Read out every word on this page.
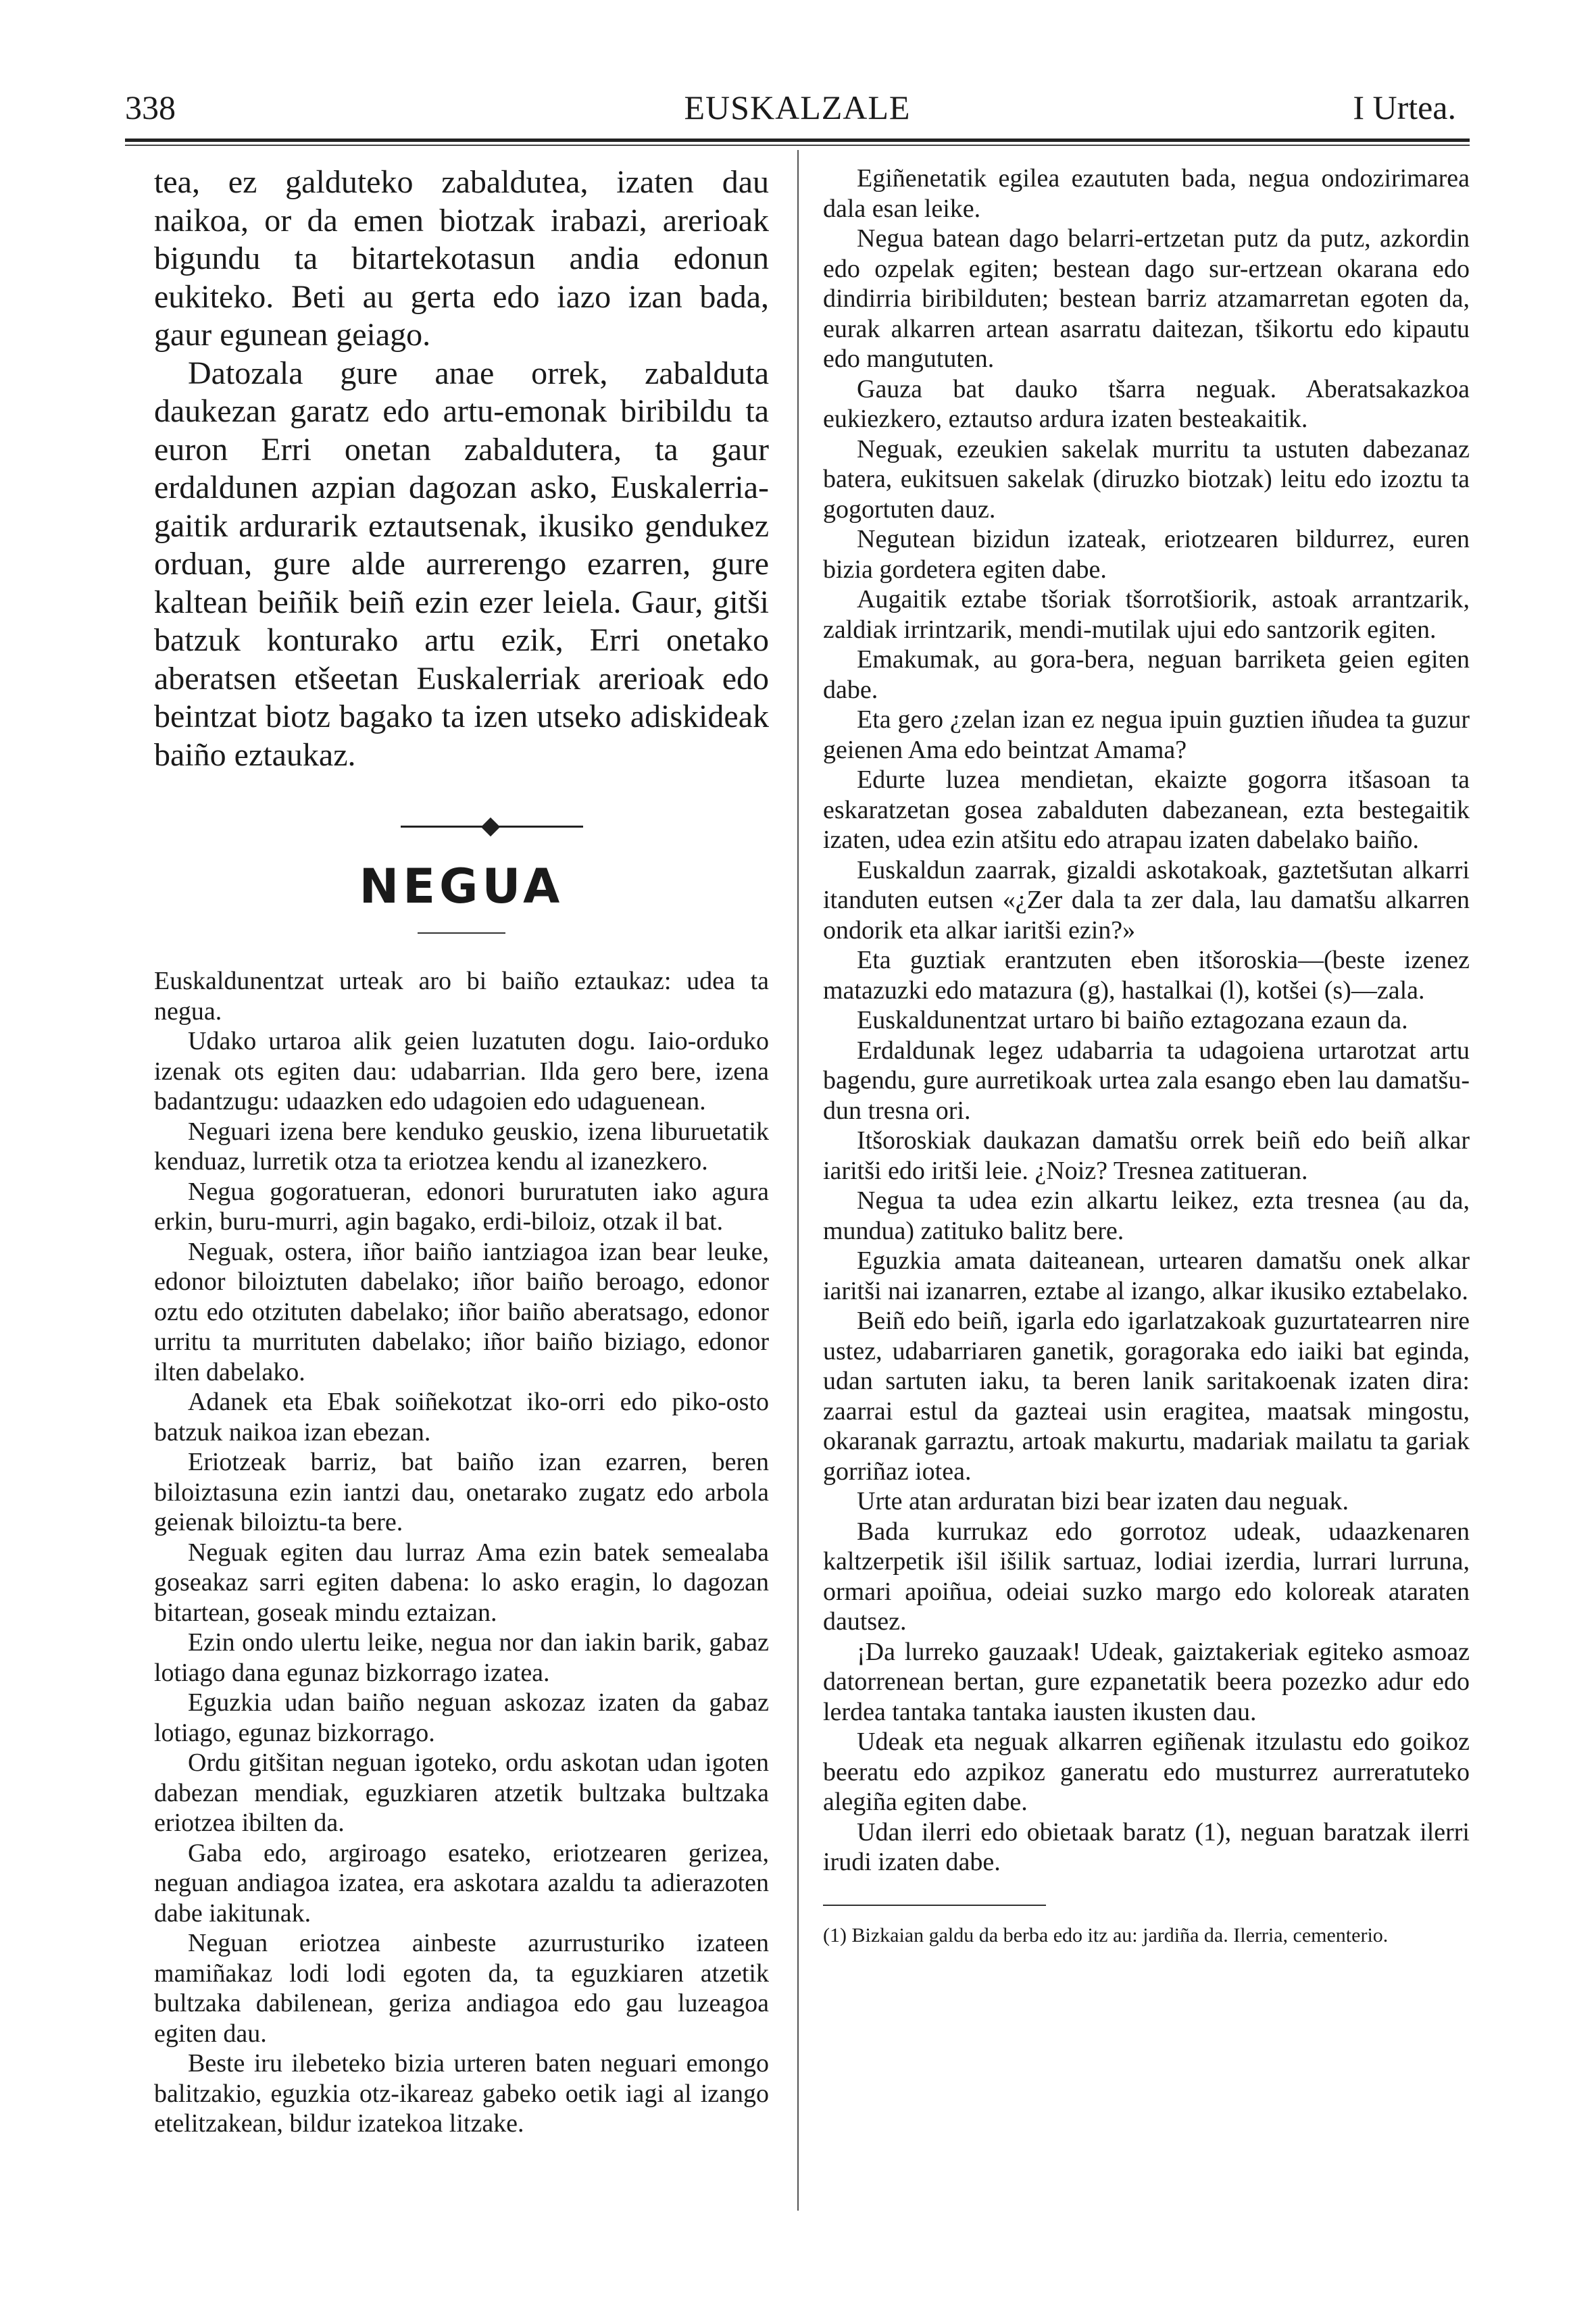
338	EUSKALZALE	I Urtea.

tea, ez galduteko zabaldutea, izaten dau naikoa, or da emen biotzak irabazi, arerioak bigundu ta bitartekotasun andia edonun eukiteko. Beti au gerta edo iazo izan bada, gaur egunean geiago.

Datozala gure anae orrek, zabalduta daukezan garatz edo artu-emonak biribildu ta euron Erri onetan zabaldutera, ta gaur erdaldunen azpian dagozan asko, Euskalerria-gaitik ardurarik eztautsenak, ikusiko gendukez orduan, gure alde aurrerengo ezarren, gure kaltean beiñik beiñ ezin ezer leiela. Gaur, gitši batzuk konturako artu ezik, Erri onetako aberatsen etšeetan Euskalerriak arerioak edo beintzat biotz bagako ta izen utseko adiskideak baiño eztaukaz.

NEGUA

Euskaldunentzat urteak aro bi baiño eztaukaz: udea ta negua.

Udako urtaroa alik geien luzatuten dogu. Iaio-orduko izenak ots egiten dau: udabarrian. Ilda gero bere, izena badantzugu: udaazken edo udagoien edo udaguenean.

Neguari izena bere kenduko geuskio, izena liburuetatik kenduaz, lurretik otza ta eriotzea kendu al izanezkero.

Negua gogoratueran, edonori bururatuten iako agura erkin, buru-murri, agin bagako, erdi-biloiz, otzak il bat.

Neguak, ostera, iñor baiño iantziagoa izan bear leuke, edonor biloiztuten dabelako; iñor baiño beroago, edonor oztu edo otzituten dabelako; iñor baiño aberatsago, edonor urritu ta murrituten dabelako; iñor baiño biziago, edonor ilten dabelako.

Adanek eta Ebak soiñekotzat iko-orri edo piko-osto batzuk naikoa izan ebezan.

Eriotzeak barriz, bat baiño izan ezarren, beren biloiztasuna ezin iantzi dau, onetarako zugatz edo arbola geienak biloiztu-ta bere.

Neguak egiten dau lurraz Ama ezin batek semealaba goseakaz sarri egiten dabena: lo asko eragin, lo dagozan bitartean, goseak mindu eztaizan.

Ezin ondo ulertu leike, negua nor dan iakin barik, gabaz lotiago dana egunaz bizkorrago izatea.

Eguzkia udan baiño neguan askozaz izaten da gabaz lotiago, egunaz bizkorrago.

Ordu gitšitan neguan igoteko, ordu askotan udan igoten dabezan mendiak, eguzkiaren atzetik bultzaka bultzaka eriotzea ibilten da.

Gaba edo, argiroago esateko, eriotzearen gerizea, neguan andiagoa izatea, era askotara azaldu ta adierazoten dabe iakitunak.

Neguan eriotzea ainbeste azurrusturiko izateen mamiñakaz lodi lodi egoten da, ta eguzkiaren atzetik bultzaka dabilenean, geriza andiagoa edo gau luzeagoa egiten dau.

Beste iru ilebeteko bizia urteren baten neguari emongo balitzakio, eguzkia otz-ikareaz gabeko oetik iagi al izango etelitzakean, bildur izatekoa litzake.

Egiñenetatik egilea ezaututen bada, negua ondozirimarea dala esan leike.

Negua batean dago belarri-ertzetan putz da putz, azkordin edo ozpelak egiten; bestean dago sur-ertzean okarana edo dindirria biribilduten; bestean barriz atzamarretan egoten da, eurak alkarren artean asarratu daitezan, tšikortu edo kipautu edo mangututen.

Gauza bat dauko tšarra neguak. Aberatsakazkoa eukiezkero, eztautso ardura izaten besteakaitik.

Neguak, ezeukien sakelak murritu ta ustuten dabezanaz batera, eukitsuen sakelak (diruzko biotzak) leitu edo izoztu ta gogortuten dauz.

Negutean bizidun izateak, eriotzearen bildurrez, euren bizia gordetera egiten dabe.

Augaitik eztabe tšoriak tšorrotšiorik, astoak arrantzarik, zaldiak irrintzarik, mendi-mutilak ujui edo santzorik egiten.

Emakumak, au gora-bera, neguan barriketa geien egiten dabe.

Eta gero ¿zelan izan ez negua ipuin guztien iñudea ta guzur geienen Ama edo beintzat Amama?

Edurte luzea mendietan, ekaizte gogorra itšasoan ta eskaratzetan gosea zabalduten dabezanean, ezta bestegaitik izaten, udea ezin atšitu edo atrapau izaten dabelako baiño.

Euskaldun zaarrak, gizaldi askotakoak, gaztetšutan alkarri itanduten eutsen «¿Zer dala ta zer dala, lau damatšu alkarren ondorik eta alkar iaritši ezin?»

Eta guztiak erantzuten eben itšoroskia—(beste izenez matazuzki edo matazura (g), hastalkai (l), kotšei (s)—zala.

Euskaldunentzat urtaro bi baiño eztagozana ezaun da.

Erdaldunak legez udabarria ta udagoiena urtarotzat artu bagendu, gure aurretikoak urtea zala esango eben lau damatšu-dun tresna ori.

Itšoroskiak daukazan damatšu orrek beiñ edo beiñ alkar iaritši edo iritši leie. ¿Noiz? Tresnea zatitueran.

Negua ta udea ezin alkartu leikez, ezta tresnea (au da, mundua) zatituko balitz bere.

Eguzkia amata daiteanean, urtearen damatšu onek alkar iaritši nai izanarren, eztabe al izango, alkar ikusiko eztabelako.

Beiñ edo beiñ, igarla edo igarlatzakoak guzurtatearren nire ustez, udabarriaren ganetik, goragoraka edo iaiki bat eginda, udan sartuten iaku, ta beren lanik saritakoenak izaten dira: zaarrai estul da gazteai usin eragitea, maatsak mingostu, okaranak garraztu, artoak makurtu, madariak mailatu ta gariak gorriñaz iotea.

Urte atan arduratan bizi bear izaten dau neguak.

Bada kurrukaz edo gorrotoz udeak, udaazkenaren kaltzerpetik išil išilik sartuaz, lodiai izerdia, lurrari lurruna, ormari apoiñua, odeiai suzko margo edo koloreak ataraten dautsez.

¡Da lurreko gauzaak! Udeak, gaiztakeriak egiteko asmoaz datorrenean bertan, gure ezpanetatik beera pozezko adur edo lerdea tantaka tantaka iausten ikusten dau.

Udeak eta neguak alkarren egiñenak itzulastu edo goikoz beeratu edo azpikoz ganeratu edo musturrez aurreratuteko alegiña egiten dabe.

Udan ilerri edo obietaak baratz (1), neguan baratzak ilerri irudi izaten dabe.

(1) Bizkaian galdu da berba edo itz au: jardiña da. Ilerria, cementerio.
